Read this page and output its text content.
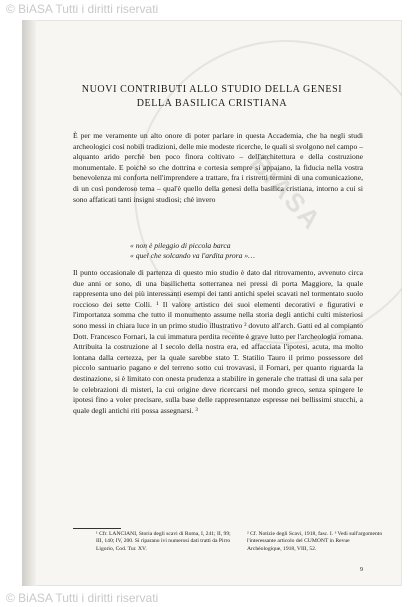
© BiASA Tutti i diritti riservati
BiASA
NUOVI CONTRIBUTI ALLO STUDIO DELLA GENESI
DELLA BASILICA CRISTIANA
È per me veramente un alto onore di poter parlare in questa Accademia, che ha negli studi archeologici così nobili tradizioni, delle mie modeste ricerche, le quali si svolgono nel campo – alquanto arido perchè ben poco finora coltivato – dell'architettura e della costruzione monumentale. E poichè so che dottrina e cortesia sempre si appaiano, la fiducia nella vostra benevolenza mi conforta nell'imprendere a trattare, fra i ristretti termini di una comunicazione, di un così ponderoso tema – qual'è quello della genesi della basilica cristiana, intorno a cui si sono affaticati tanti insigni studiosi; chè invero
« non è pileggio di piccola barca
« quel che solcando va l'ardita prora »…
Il punto occasionale di partenza di questo mio studio è dato dal ritrovamento, avvenuto circa due anni or sono, di una basilichetta sotterranea nei pressi di porta Maggiore, la quale rappresenta uno dei più interessanti esempi dei tanti antichi spelei scavati nel tormentato suolo roccioso dei sette Colli. ¹ Il valore artistico dei suoi elementi decorativi e figurativi e l'importanza somma che tutto il monumento assume nella storia degli antichi culti misteriosi sono messi in chiara luce in un primo studio illustrativo ² dovuto all'arch. Gatti ed al compianto Dott. Francesco Fornari, la cui immatura perdita recente è grave lutto per l'archeologia romana. Attribuita la costruzione al I secolo della nostra era, ed affacciata l'ipotesi, acuta, ma molto lontana dalla certezza, per la quale sarebbe stato T. Statilio Tauro il primo possessore del piccolo santuario pagano e del terreno sotto cui trovavasi, il Fornari, per quanto riguarda la destinazione, si è limitato con onesta prudenza a stabilire in generale che trattasi di una sala per le celebrazioni di misteri, la cui origine deve ricercarsi nel mondo greco, senza spingere le ipotesi fino a voler precisare, sulla base delle rappresentanze espresse nei bellissimi stucchi, a quale degli antichi riti possa assegnarsi. ³
¹ Cfr. LANCIANI, Storia degli scavi di Roma, I, 241; II, 99; III, 140; IV, 200. Si riparano ivi numerosi dati tratti da Pirro Ligorio, Cod. Tur. XV.
² Cf. Notizie degli Scavi, 1918, fasc. I. ³ Vedi sull'argomento l'interessante articolo del CUMONT in Revue Archéologique, 1918, VIII, 52.
9
© BiASA Tutti i diritti riservati
